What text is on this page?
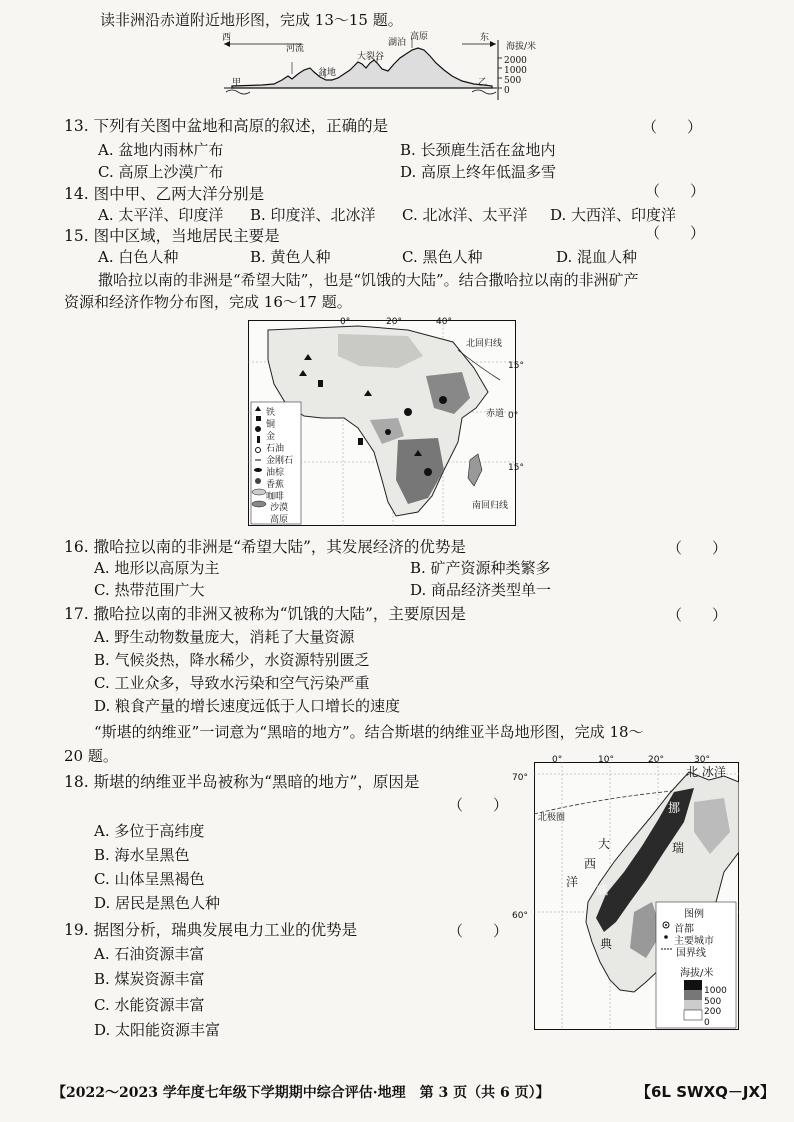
读非洲沿赤道附近地形图，完成 13～15 题。
西	东
河流
盆地
大裂谷
湖泊
高原
甲	乙
海拔/米
2000
1000
500
0
13. 下列有关图中盆地和高原的叙述，正确的是	（　　）
A. 盆地内雨林广布	B. 长颈鹿生活在盆地内
C. 高原上沙漠广布	D. 高原上终年低温多雪
14. 图中甲、乙两大洋分别是	（　　）
A. 太平洋、印度洋 B. 印度洋、北冰洋 C. 北冰洋、太平洋 D. 大西洋、印度洋
15. 图中区域，当地居民主要是	（　　）
A. 白色人种	B. 黄色人种	C. 黑色人种	D. 混血人种
撒哈拉以南的非洲是“希望大陆”，也是“饥饿的大陆”。结合撒哈拉以南的非洲矿产
资源和经济作物分布图，完成 16～17 题。
0°	20°	40°
北回归线
15°
赤道 0°
15°
南回归线
铁
铜
金
石油
金刚石
油棕
香蕉
咖啡
沙漠
高原
16. 撒哈拉以南的非洲是“希望大陆”，其发展经济的优势是	（　　）
A. 地形以高原为主	B. 矿产资源种类繁多
C. 热带范围广大	D. 商品经济类型单一
17. 撒哈拉以南的非洲又被称为“饥饿的大陆”，主要原因是	（　　）
A. 野生动物数量庞大，消耗了大量资源
B. 气候炎热，降水稀少，水资源特别匮乏
C. 工业众多，导致水污染和空气污染严重
D. 粮食产量的增长速度远低于人口增长的速度
“斯堪的纳维亚”一词意为“黑暗的地方”。结合斯堪的纳维亚半岛地形图，完成 18～
20 题。	0°	10°	20°	30°
70°
60°
北 冰洋
北极圈
大
西
洋
挪
威
瑞
典
图例
首都
主要城市
国界线
海拔/米
1000
500
200
0
18. 斯堪的纳维亚半岛被称为“黑暗的地方”，原因是
（　　）
A. 多位于高纬度
B. 海水呈黑色
C. 山体呈黑褐色
D. 居民是黑色人种
19. 据图分析，瑞典发展电力工业的优势是	（　　）
A. 石油资源丰富
B. 煤炭资源丰富
C. 水能资源丰富
D. 太阳能资源丰富
【2022～2023 学年度七年级下学期期中综合评估·地理　第 3 页（共 6 页）】	【6L SWXQ－JX】
